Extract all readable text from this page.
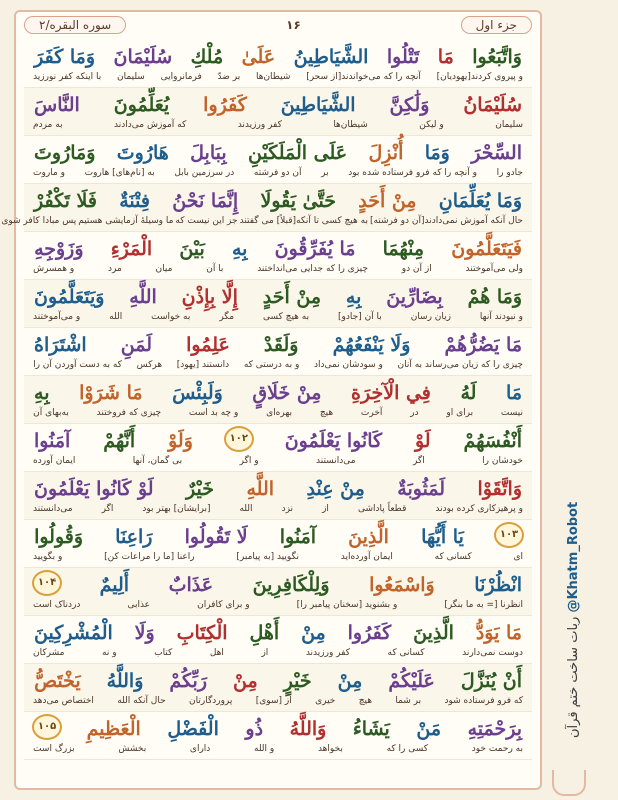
جزء اول
۱۶
سوره البقره/۲
وَاتَّبَعُوا
مَا
تَتْلُوا
الشَّيَاطِينُ
عَلَىٰ
مُلْكِ
سُلَيْمَانَ
وَمَا كَفَرَ
و پیروی کردند[یهودیان]
آنچه را که می‌خواندند[از سحر]
شیطان‌ها
بر ضدّ
فرمانروایی
سلیمان
با اینکه کفر نورزید
سُلَيْمَانُ
وَلَٰكِنَّ
الشَّيَاطِينَ
كَفَرُوا
يُعَلِّمُونَ
النَّاسَ
سلیمان
و لیکن
شیطان‌ها
کفر ورزیدند
که آموزش می‌دادند
به مردم
السِّحْرَ
وَمَا
أُنْزِلَ
عَلَى الْمَلَكَيْنِ
بِبَابِلَ
هَارُوتَ
وَمَارُوتَ
جادو را
و آنچه را که فرو فرستاده شده بود
بر
آن دو فرشته
در سرزمین بابل
به [نام‌های] هاروت
و ماروت
وَمَا يُعَلِّمَانِ
مِنْ أَحَدٍ
حَتَّىٰ يَقُولَا
إِنَّمَا نَحْنُ
فِتْنَةٌ
فَلَا تَكْفُرْ
حال آنکه آموزش نمی‌دادند[آن دو فرشته]
به هیچ کسی تا آنکه[قبلاً] می گفتند
جز این نیست که
ما وسیلهٔ آزمایشی هستیم
پس مبادا کافر شوی
فَيَتَعَلَّمُونَ
مِنْهُمَا
مَا يُفَرِّقُونَ
بِهِ
بَيْنَ
الْمَرْءِ
وَزَوْجِهِ
ولی می‌آموختند
از آن دو
چیزی را که جدایی می‌انداختند
با آن
میان
مرد
و همسرش
وَمَا هُمْ
بِضَارِّينَ
بِهِ
مِنْ أَحَدٍ
إِلَّا بِإِذْنِ
اللَّهِ
وَيَتَعَلَّمُونَ
و نبودند آنها
زیان رسان
با آن [جادو]
به هیچ کسی
مگر
به خواست
الله
و می‌آموختند
مَا يَضُرُّهُمْ
وَلَا يَنْفَعُهُمْ
وَلَقَدْ
عَلِمُوا
لَمَنِ
اشْتَرَاهُ
چیزی را که زیان می‌رساند به آنان
و سودشان نمی‌داد
و به درستی که
دانستند [یهود]
هرکس
که به دست آوردن آن را
مَا
لَهُ
فِي الْآخِرَةِ
مِنْ خَلَاقٍ
وَلَبِئْسَ
مَا شَرَوْا
بِهِ
نیست
برای او
در
آخرت
هیچ
بهره‌ای
و چه بد است
چیزی که فروختند
به‌بهای آن
أَنْفُسَهُمْ
لَوْ
كَانُوا يَعْلَمُونَ
۱۰۲
وَلَوْ
أَنَّهُمْ
آمَنُوا
خودشان را
اگر
می‌دانستند
و اگر
بی گمان، آنها
ایمان آورده
وَاتَّقَوْا
لَمَثُوبَةٌ
مِنْ عِنْدِ
اللَّهِ
خَيْرٌ
لَوْ كَانُوا يَعْلَمُونَ
و پرهیزکاری کرده بودند
قطعاً پاداشی
از
نزد
الله
[برایشان] بهتر بود
اگر
می‌دانستند
۱۰۳
يَا أَيُّهَا
الَّذِينَ
آمَنُوا
لَا تَقُولُوا
رَاعِنَا
وَقُولُوا
ای
کسانی که
ایمان آورده‌اید
نگویید [به پیامبر]
راعنا [ما را مراعات کن]
و بگویید
انْظُرْنَا
وَاسْمَعُوا
وَلِلْكَافِرِينَ
عَذَابٌ
أَلِيمٌ
۱۰۴
انظرنا [= به ما بنگر]
و بشنوید [سخنان پیامبر را]
و برای کافران
عذابی
دردناک است
مَا يَوَدُّ
الَّذِينَ
كَفَرُوا
مِنْ
أَهْلِ
الْكِتَابِ
وَلَا
الْمُشْرِكِينَ
دوست نمی‌دارند
کسانی که
کفر ورزیدند
از
اهل
کتاب
و نه
مشرکان
أَنْ يُنَزَّلَ
عَلَيْكُمْ
مِنْ
خَيْرٍ
مِنْ
رَبِّكُمْ
وَاللَّهُ
يَخْتَصُّ
که فرو فرستاده شود
بر شما
هیچ
خیری
از [سوی]
پروردگارتان
حال آنکه الله
اختصاص می‌دهد
بِرَحْمَتِهِ
مَنْ
يَشَاءُ
وَاللَّهُ
ذُو
الْفَضْلِ
الْعَظِيمِ
۱۰۵
به رحمت خود
کسی را که
بخواهد
و الله
دارای
بخشش
بزرگ است
ربات ساخت ختم قرآن @Khatm_Robot
